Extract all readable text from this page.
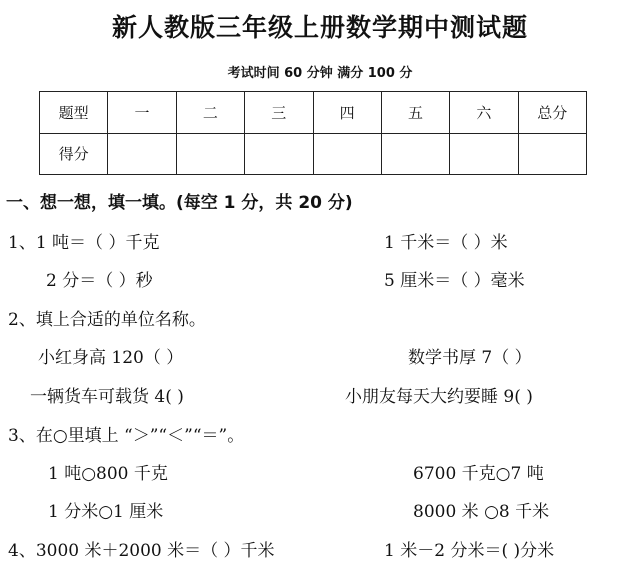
新人教版三年级上册数学期中测试题
考试时间 60 分钟 满分 100 分
题型	一	二	三	四	五	六	总分
得分							
一、想一想，填一填。(每空 1 分，共 20 分)
1、1 吨＝（ ）千克	1 千米＝（ ）米
2 分＝（ ）秒	5 厘米＝（ ）毫米
2、填上合适的单位名称。
小红身高 120（ ）	数学书厚 7（ ）
一辆货车可载货 4( )	小朋友每天大约要睡 9( )
3、在○里填上 “＞”“＜”“＝”。
1 吨○800 千克	6700 千克○7 吨
1 分米○1 厘米	8000 米 ○8 千米
4、3000 米＋2000 米＝（ ）千米	1 米－2 分米＝( )分米
